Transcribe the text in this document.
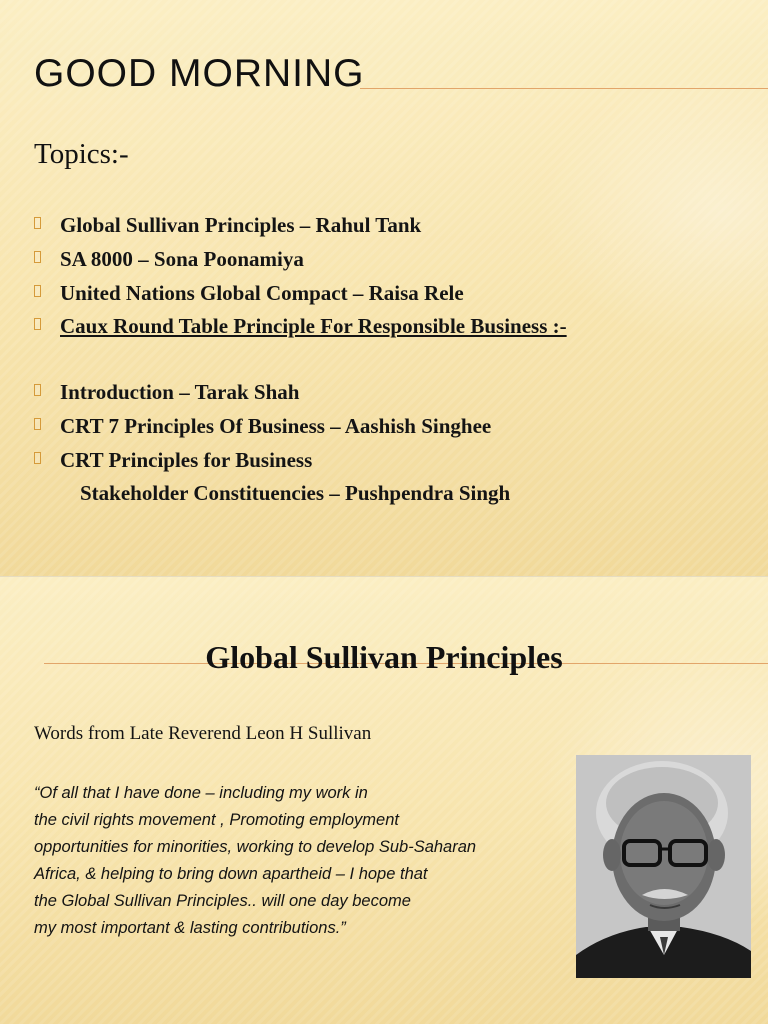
GOOD MORNING
Topics:-
Global Sullivan Principles – Rahul Tank
SA 8000 – Sona Poonamiya
United Nations Global Compact – Raisa Rele
Caux Round Table Principle For Responsible Business :-
Introduction – Tarak Shah
CRT 7 Principles Of Business – Aashish Singhee
CRT Principles for Business
Stakeholder Constituencies – Pushpendra Singh
Global Sullivan Principles
Words from Late Reverend Leon H Sullivan

“Of all that I have done – including my work in
the civil rights movement , Promoting employment
opportunities for minorities, working to develop Sub-Saharan
Africa, & helping to bring down apartheid – I hope that
the Global Sullivan Principles.. will one day become
my most important & lasting contributions.”
